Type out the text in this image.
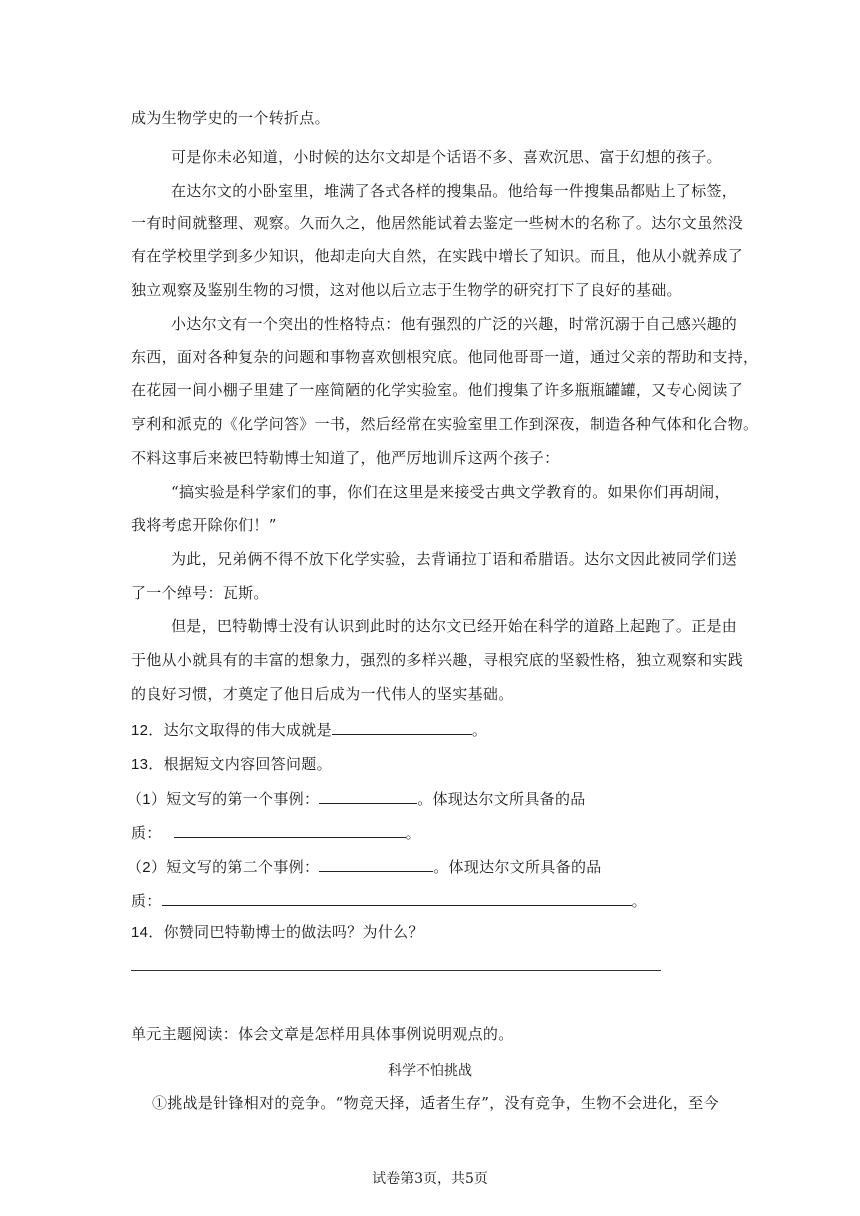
成为生物学史的一个转折点。
可是你未必知道，小时候的达尔文却是个话语不多、喜欢沉思、富于幻想的孩子。
在达尔文的小卧室里，堆满了各式各样的搜集品。他给每一件搜集品都贴上了标签，
一有时间就整理、观察。久而久之，他居然能试着去鉴定一些树木的名称了。达尔文虽然没
有在学校里学到多少知识，他却走向大自然，在实践中增长了知识。而且，他从小就养成了
独立观察及鉴别生物的习惯，这对他以后立志于生物学的研究打下了良好的基础。
小达尔文有一个突出的性格特点：他有强烈的广泛的兴趣，时常沉溺于自己感兴趣的
东西，面对各种复杂的问题和事物喜欢刨根究底。他同他哥哥一道，通过父亲的帮助和支持，
在花园一间小棚子里建了一座简陋的化学实验室。他们搜集了许多瓶瓶罐罐，又专心阅读了
亨利和派克的《化学问答》一书，然后经常在实验室里工作到深夜，制造各种气体和化合物。
不料这事后来被巴特勒博士知道了，他严厉地训斥这两个孩子：
“搞实验是科学家们的事，你们在这里是来接受古典文学教育的。如果你们再胡闹，
我将考虑开除你们！”
为此，兄弟俩不得不放下化学实验，去背诵拉丁语和希腊语。达尔文因此被同学们送
了一个绰号：瓦斯。
但是，巴特勒博士没有认识到此时的达尔文已经开始在科学的道路上起跑了。正是由
于他从小就具有的丰富的想象力，强烈的多样兴趣，寻根究底的坚毅性格，独立观察和实践
的良好习惯，才奠定了他日后成为一代伟人的坚实基础。
12．达尔文取得的伟大成就是	。
13．根据短文内容回答问题。
（1）短文写的第一个事例：	。体现达尔文所具备的品
质：	。
（2）短文写的第二个事例：	。体现达尔文所具备的品
质：	。
14．你赞同巴特勒博士的做法吗？为什么？
单元主题阅读：体会文章是怎样用具体事例说明观点的。
科学不怕挑战
①挑战是针锋相对的竞争。“物竞天择，适者生存”，没有竞争，生物不会进化，至今
试卷第3页，共5页
